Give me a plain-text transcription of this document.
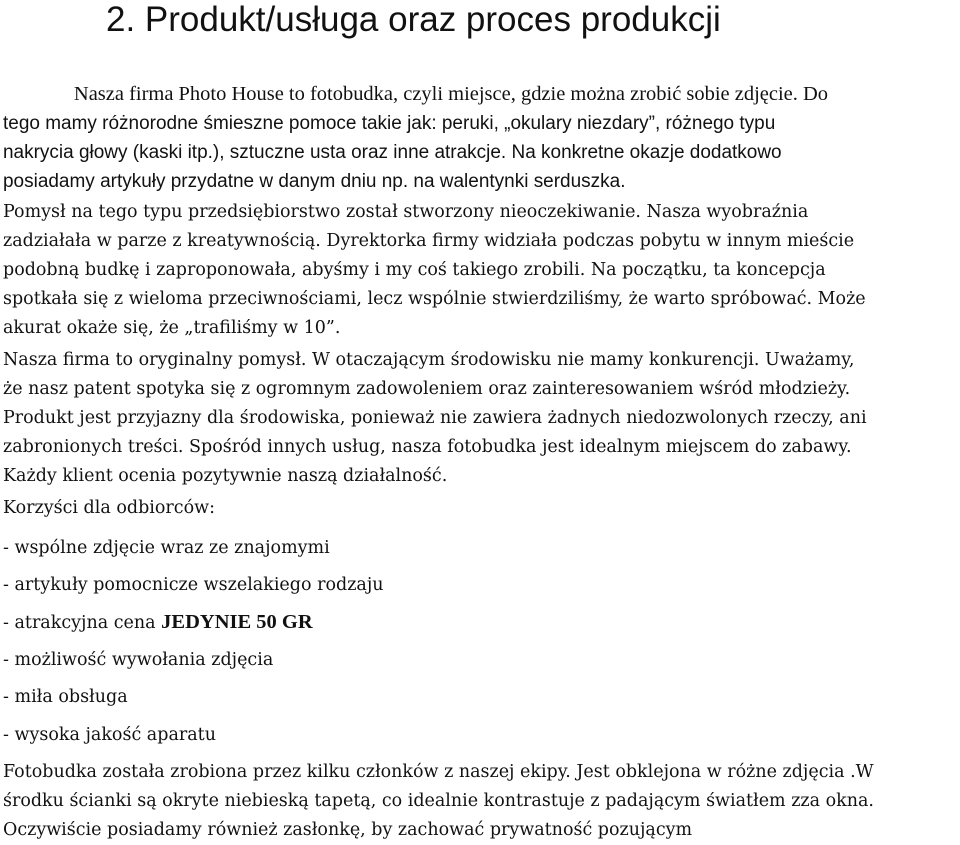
2. Produkt/usługa oraz proces produkcji
Nasza firma Photo House to fotobudka, czyli miejsce, gdzie można zrobić sobie zdjęcie. Do
tego mamy różnorodne śmieszne pomoce takie jak: peruki, „okulary niezdary”, różnego typu
nakrycia głowy (kaski itp.), sztuczne usta oraz inne atrakcje. Na konkretne okazje dodatkowo
posiadamy artykuły przydatne w danym dniu np. na walentynki serduszka.
Pomysł na tego typu przedsiębiorstwo został stworzony nieoczekiwanie. Nasza wyobraźnia
zadziałała w parze z kreatywnością. Dyrektorka firmy widziała podczas pobytu w innym mieście
podobną budkę i zaproponowała, abyśmy i my coś takiego zrobili. Na początku, ta koncepcja
spotkała się z wieloma przeciwnościami, lecz wspólnie stwierdziliśmy, że warto spróbować. Może
akurat okaże się, że „trafiliśmy w 10”.
Nasza firma to oryginalny pomysł. W otaczającym środowisku nie mamy konkurencji. Uważamy,
że nasz patent spotyka się z ogromnym zadowoleniem oraz zainteresowaniem wśród młodzieży.
Produkt jest przyjazny dla środowiska, ponieważ nie zawiera żadnych niedozwolonych rzeczy, ani
zabronionych treści. Spośród innych usług, nasza fotobudka jest idealnym miejscem do zabawy.
Każdy klient ocenia pozytywnie naszą działalność.
Korzyści dla odbiorców:
- wspólne zdjęcie wraz ze znajomymi
- artykuły pomocnicze wszelakiego rodzaju
- atrakcyjna cena JEDYNIE 50 GR
- możliwość wywołania zdjęcia
- miła obsługa
- wysoka jakość aparatu
Fotobudka została zrobiona przez kilku członków z naszej ekipy. Jest obklejona w różne zdjęcia .W
środku ścianki są okryte niebieską tapetą, co idealnie kontrastuje z padającym światłem zza okna.
Oczywiście posiadamy również zasłonkę, by zachować prywatność pozującym
